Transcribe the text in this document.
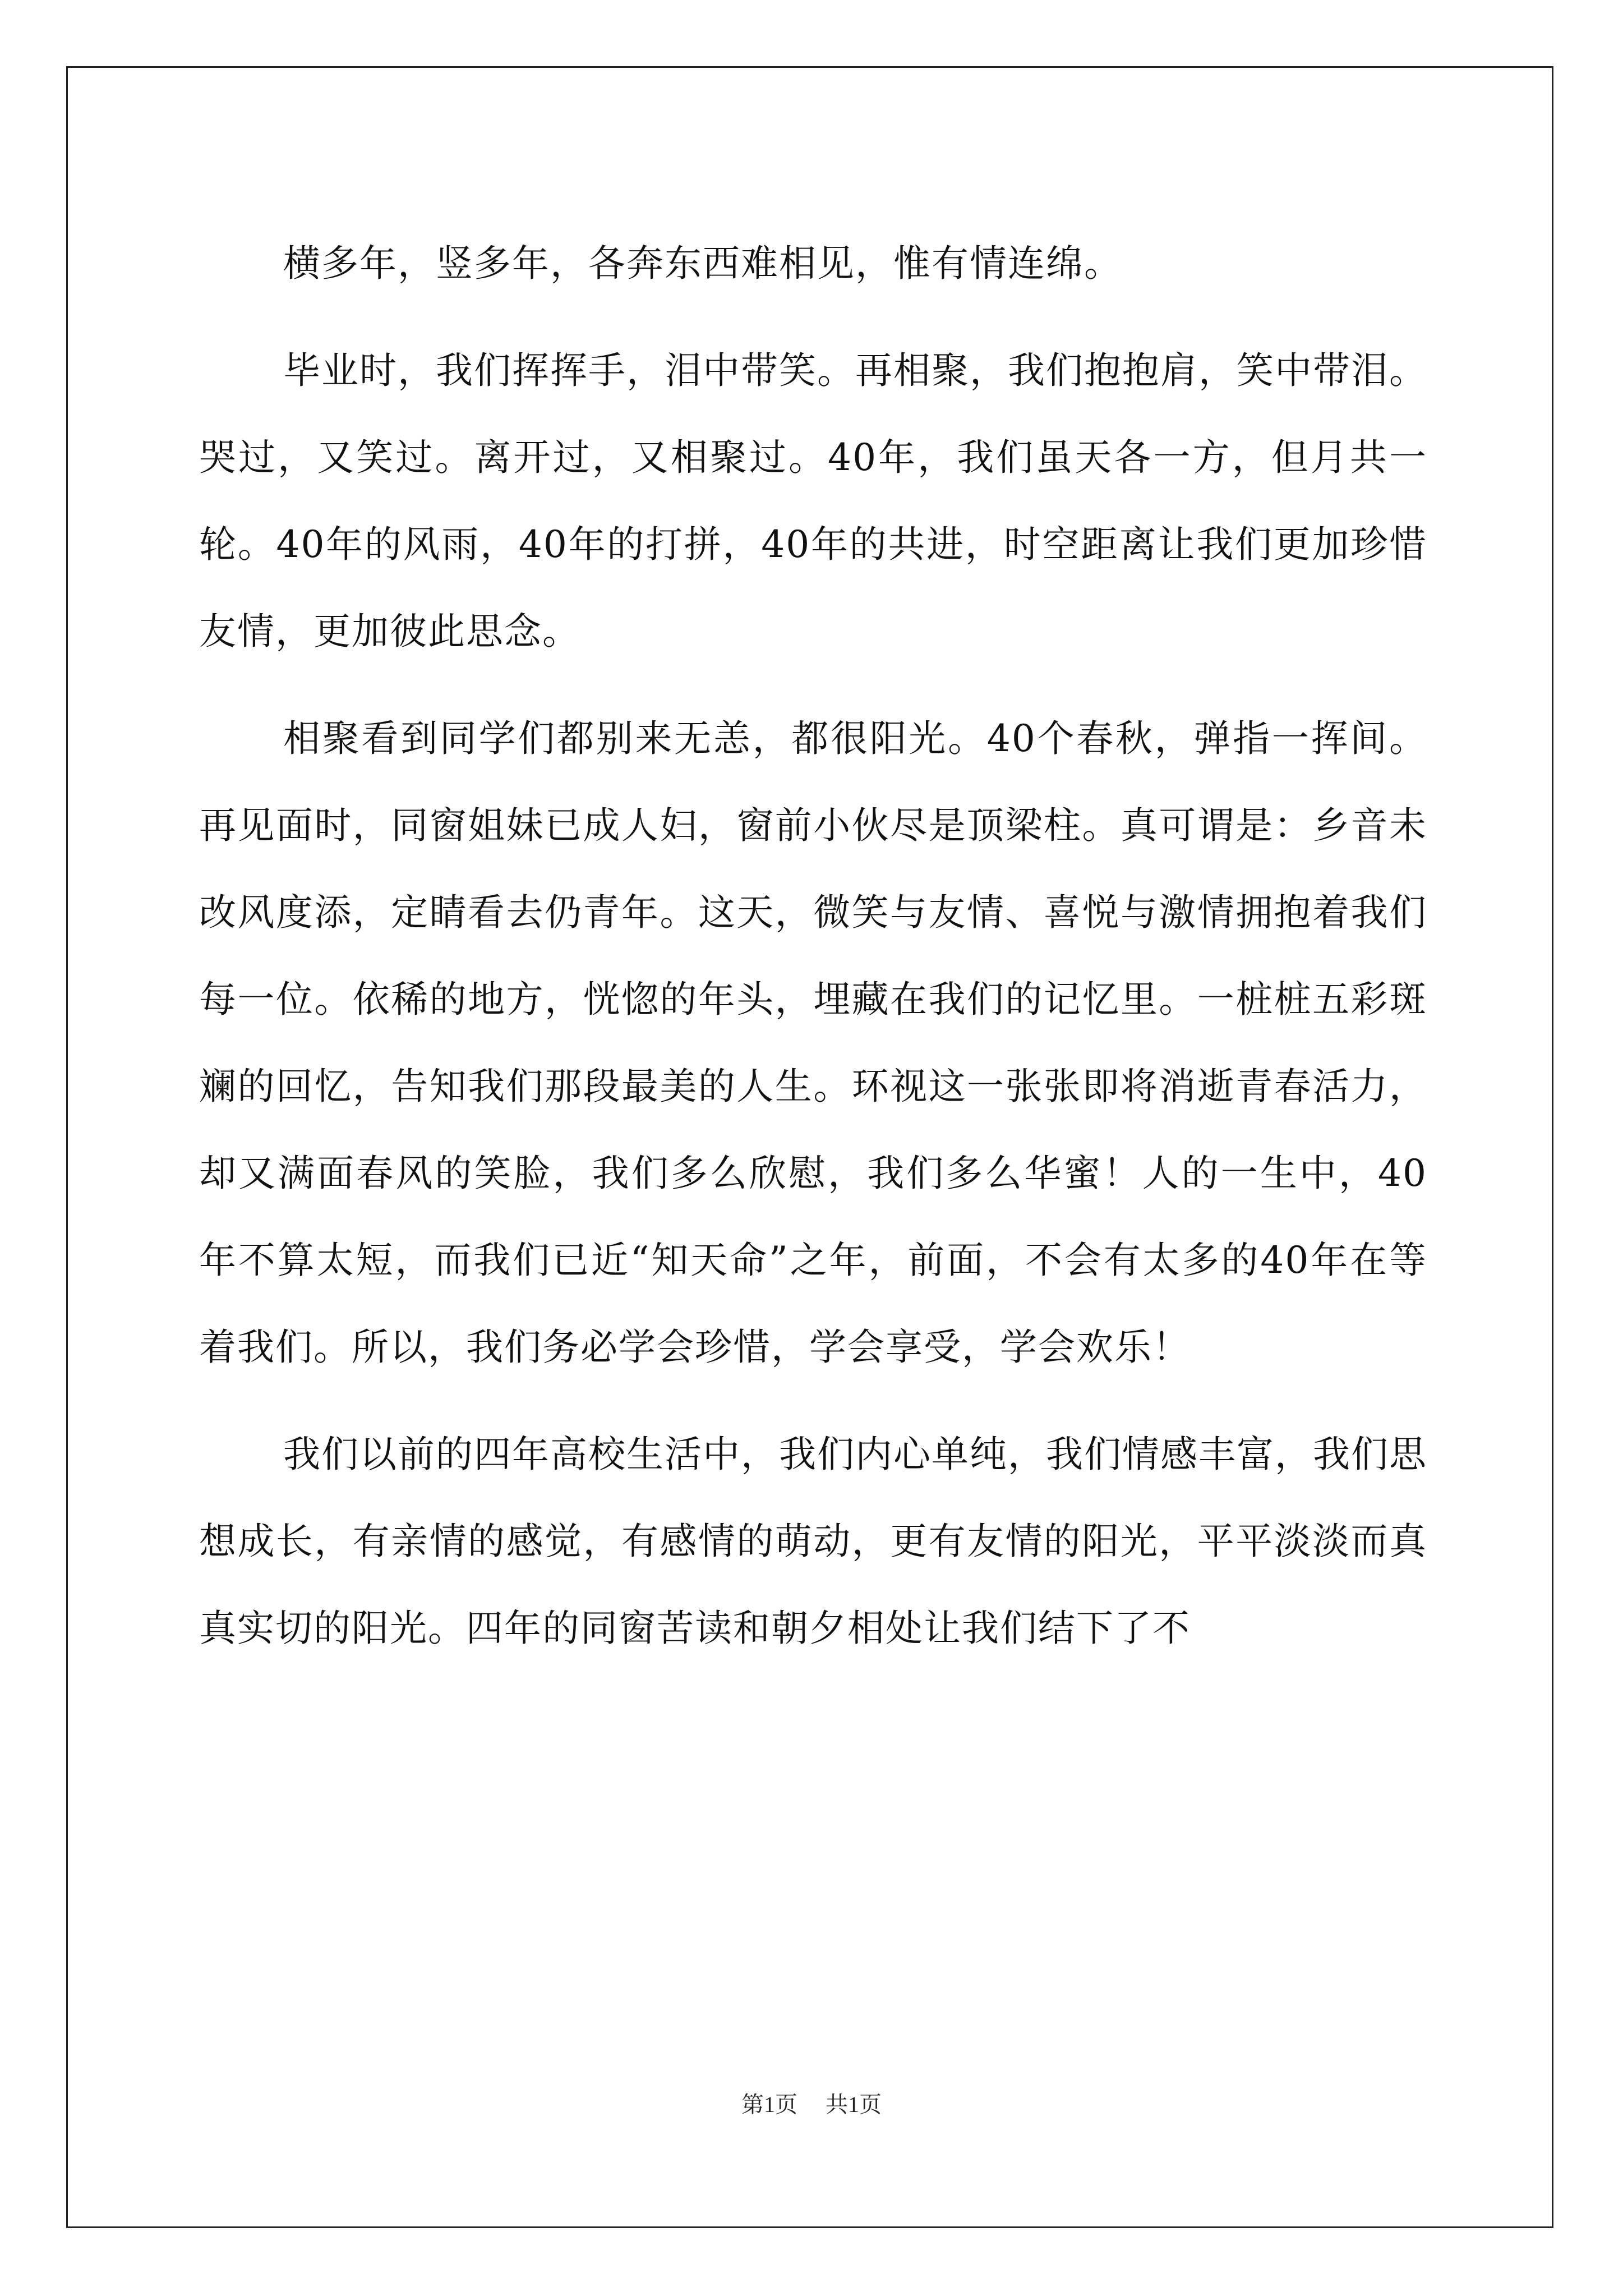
横多年，竖多年，各奔东西难相见，惟有情连绵。

毕业时，我们挥挥手，泪中带笑。再相聚，我们抱抱肩，笑中带泪。哭过，又笑过。离开过，又相聚过。40年，我们虽天各一方，但月共一轮。40年的风雨，40年的打拼，40年的共进，时空距离让我们更加珍惜友情，更加彼此思念。

相聚看到同学们都别来无恙，都很阳光。40个春秋，弹指一挥间。再见面时，同窗姐妹已成人妇，窗前小伙尽是顶梁柱。真可谓是：乡音未改风度添，定睛看去仍青年。这天，微笑与友情、喜悦与激情拥抱着我们每一位。依稀的地方，恍惚的年头，埋藏在我们的记忆里。一桩桩五彩斑斓的回忆，告知我们那段最美的人生。环视这一张张即将消逝青春活力，却又满面春风的笑脸，我们多么欣慰，我们多么华蜜！人的一生中，40年不算太短，而我们已近“知天命”之年，前面，不会有太多的40年在等着我们。所以，我们务必学会珍惜，学会享受，学会欢乐！

我们以前的四年高校生活中，我们内心单纯，我们情感丰富，我们思想成长，有亲情的感觉，有感情的萌动，更有友情的阳光，平平淡淡而真真实切的阳光。四年的同窗苦读和朝夕相处让我们结下了不

第1页 共1页
